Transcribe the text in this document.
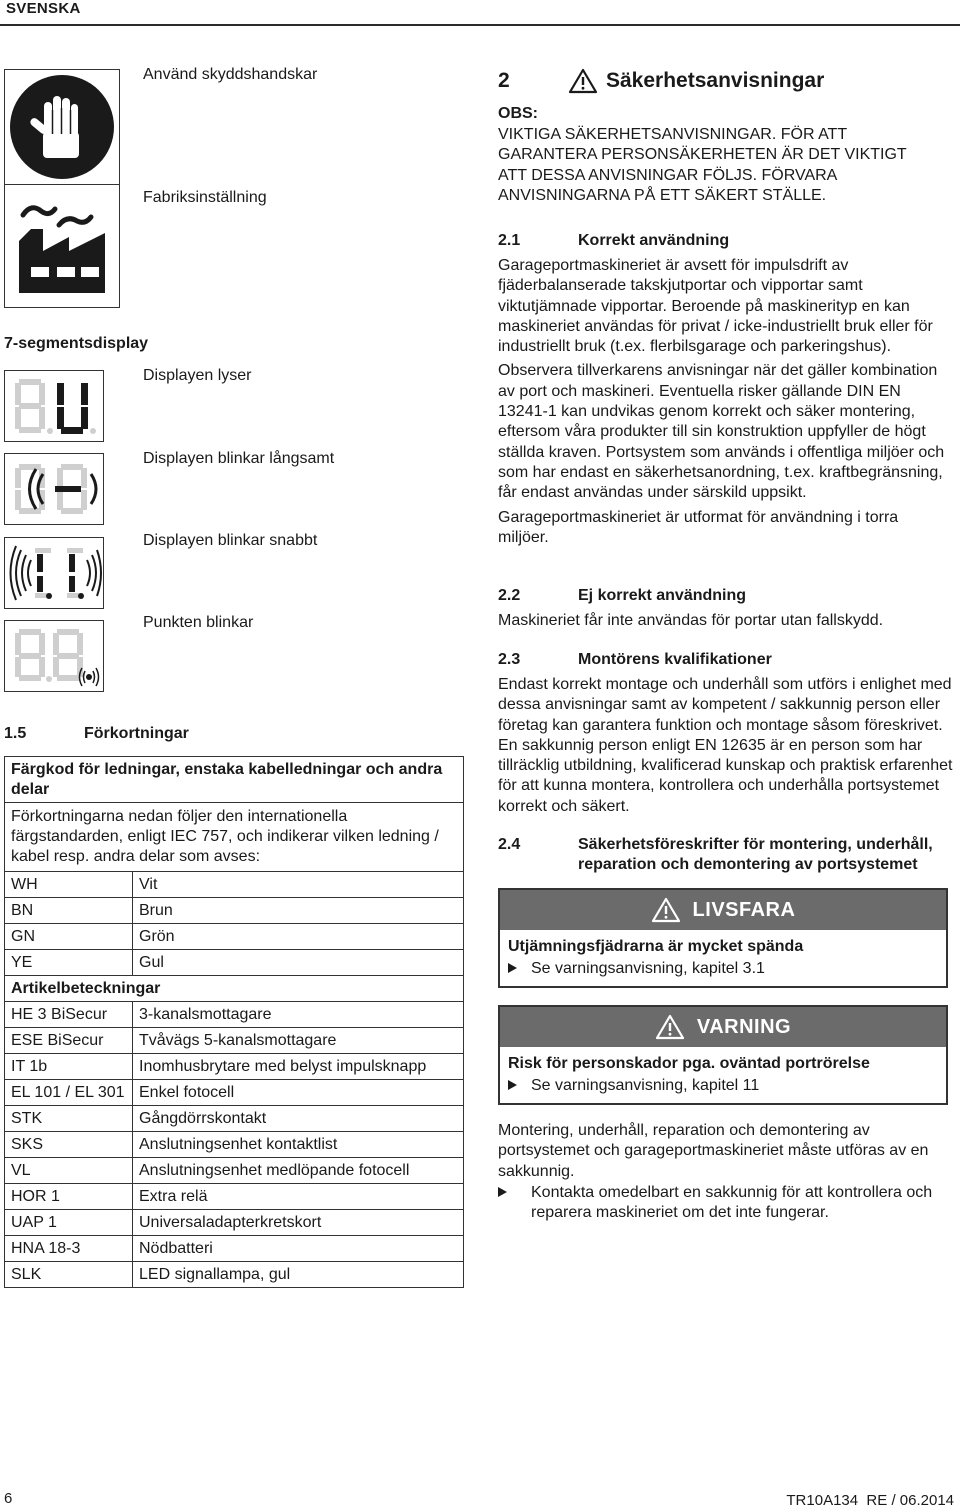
SVENSKA
Använd skyddshandskar
Fabriksinställning
7-segmentsdisplay
Displayen lyser
Displayen blinkar långsamt
Displayen blinkar snabbt
Punkten blinkar
1.5	Förkortningar
Färgkod för ledningar, enstaka kabelledningar och andra delar
Förkortningarna nedan följer den internationella färgstandarden, enligt IEC 757, och indikerar vilken ledning / kabel resp. andra delar som avses:
WH	Vit
BN	Brun
GN	Grön
YE	Gul
Artikelbeteckningar
HE 3 BiSecur	3-kanalsmottagare
ESE BiSecur	Tvåvägs 5-kanalsmottagare
IT 1b	Inomhusbrytare med belyst impulsknapp
EL 101 / EL 301 Enkel fotocell
STK	Gångdörrskontakt
SKS	Anslutningsenhet kontaktlist
VL	Anslutningsenhet medlöpande fotocell
HOR 1	Extra relä
UAP 1	Universaladapterkretskort
HNA 18-3	Nödbatteri
SLK	LED signallampa, gul
2	Säkerhetsanvisningar
OBS:
VIKTIGA SÄKERHETSANVISNINGAR. FÖR ATT GARANTERA PERSONSÄKERHETEN ÄR DET VIKTIGT ATT DESSA ANVISNINGAR FÖLJS. FÖRVARA ANVISNINGARNA PÅ ETT SÄKERT STÄLLE.
2.1	Korrekt användning

Garageportmaskineriet är avsett för impulsdrift av fjäderbalanserade takskjutportar och vipportar samt viktutjämnade vipportar. Beroende på maskinerityp en kan maskineriet användas för privat / icke-industriellt bruk eller för industriellt bruk (t.ex. flerbilsgarage och parkeringshus).

Observera tillverkarens anvisningar när det gäller kombination av port och maskineri. Eventuella risker gällande DIN EN 13241-1 kan undvikas genom korrekt och säker montering, eftersom våra produkter till sin konstruktion uppfyller de högt ställda kraven. Portsystem som används i offentliga miljöer och som har endast en säkerhetsanordning, t.ex. kraftbegränsning, får endast användas under särskild uppsikt.

Garageportmaskineriet är utformat för användning i torra miljöer.

2.2	Ej korrekt användning
Maskineriet får inte användas för portar utan fallskydd.
2.3	Montörens kvalifikationer
Endast korrekt montage och underhåll som utförs i enlighet med dessa anvisningar samt av kompetent / sakkunnig person eller företag kan garantera funktion och montage såsom föreskrivet. En sakkunnig person enligt EN 12635 är en person som har tillräcklig utbildning, kvalificerad kunskap och praktisk erfarenhet för att kunna montera, kontrollera och underhålla portsystemet korrekt och säkert.
2.4	Säkerhetsföreskrifter för montering, underhåll, reparation och demontering av portsystemet
LIVSFARA
Utjämningsfjädrarna är mycket spända
Se varningsanvisning, kapitel 3.1
VARNING
Risk för personskador pga. oväntad portrörelse
Se varningsanvisning, kapitel 11
Montering, underhåll, reparation och demontering av portsystemet och garageportmaskineriet måste utföras av en sakkunnig.
Kontakta omedelbart en sakkunnig för att kontrollera och reparera maskineriet om det inte fungerar.
6	TR10A134  RE / 06.2014
